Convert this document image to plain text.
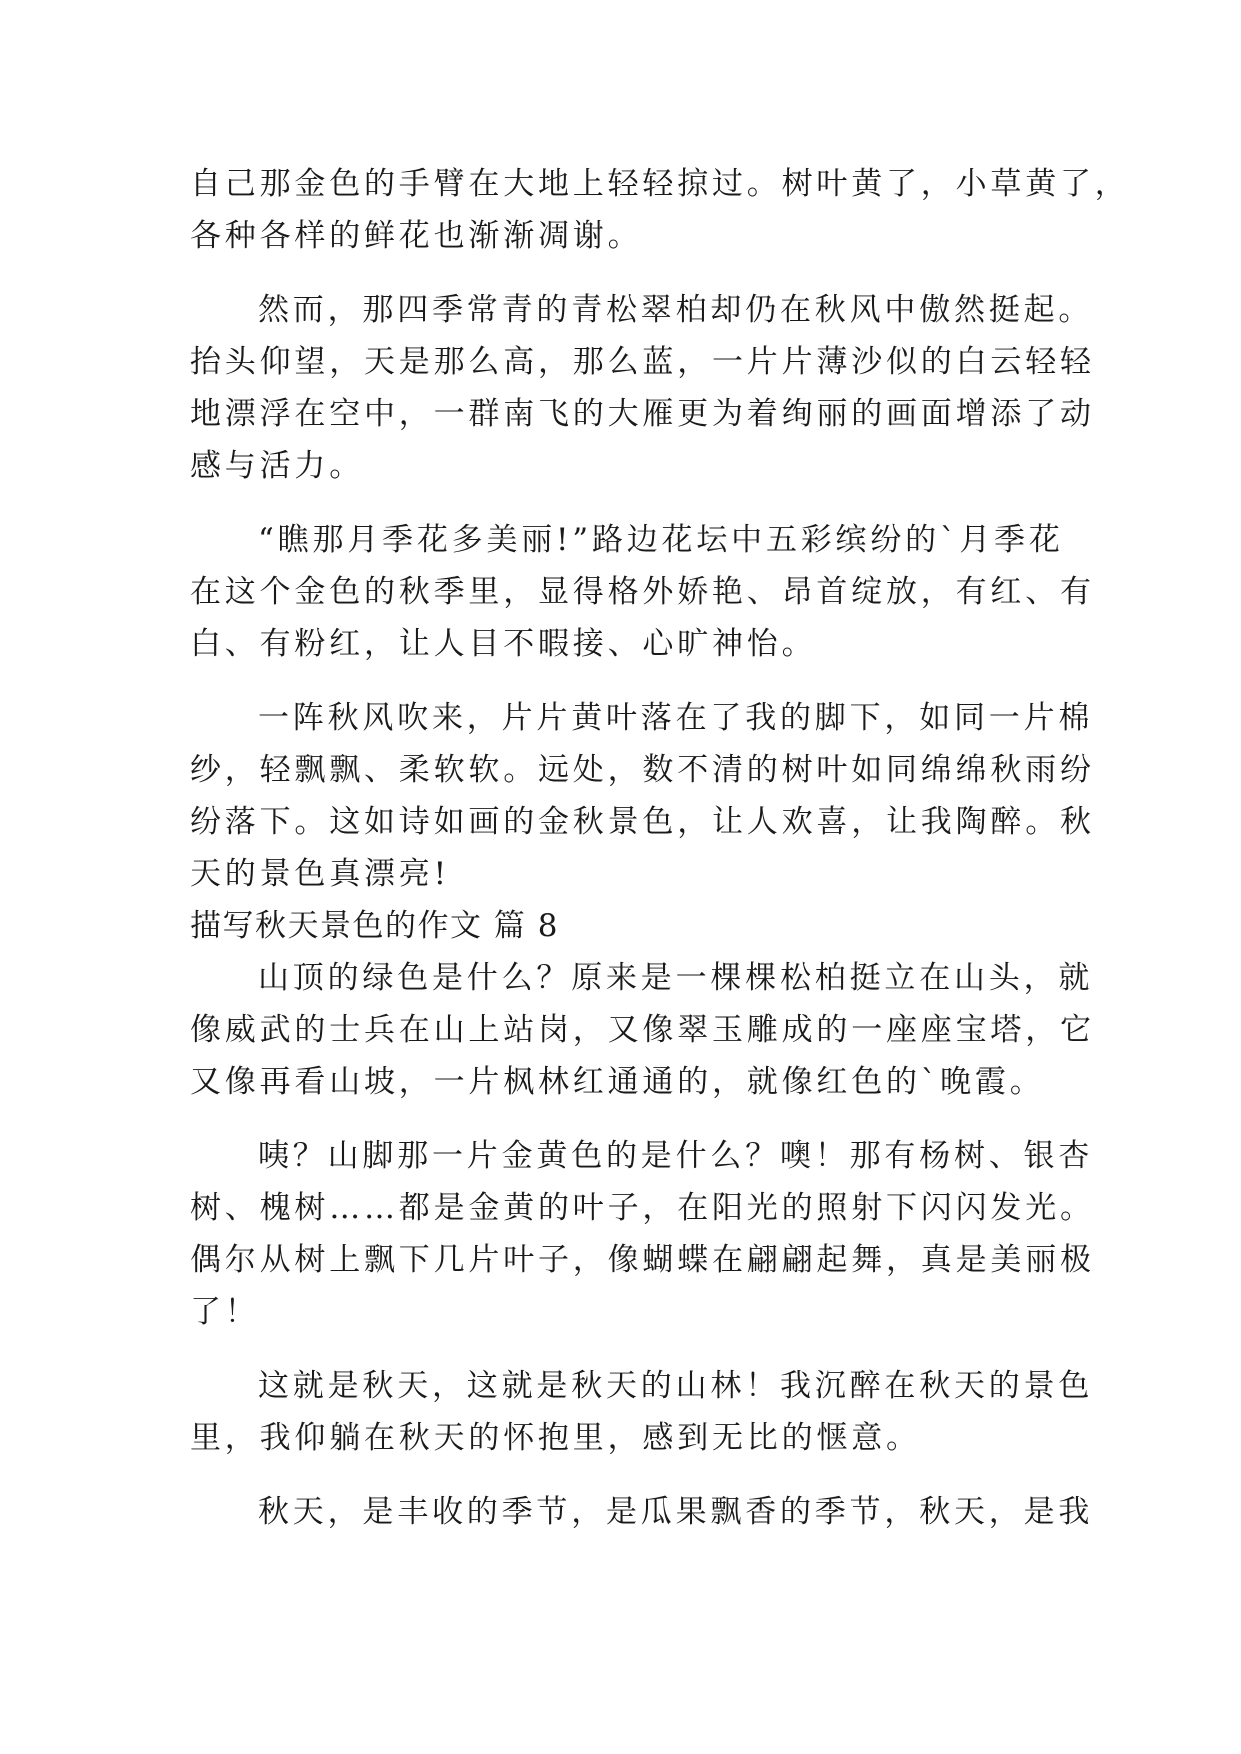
自己那金色的手臂在大地上轻轻掠过。树叶黄了，小草黄了，
各种各样的鲜花也渐渐凋谢。
然而，那四季常青的青松翠柏却仍在秋风中傲然挺起。
抬头仰望，天是那么高，那么蓝，一片片薄沙似的白云轻轻
地漂浮在空中，一群南飞的大雁更为着绚丽的画面增添了动
感与活力。
“瞧那月季花多美丽!”路边花坛中五彩缤纷的`月季花
在这个金色的秋季里，显得格外娇艳、昂首绽放，有红、有
白、有粉红，让人目不暇接、心旷神怡。
一阵秋风吹来，片片黄叶落在了我的脚下，如同一片棉
纱，轻飘飘、柔软软。远处，数不清的树叶如同绵绵秋雨纷
纷落下。这如诗如画的金秋景色，让人欢喜，让我陶醉。秋
天的景色真漂亮!
描写秋天景色的作文 篇 8
山顶的绿色是什么？原来是一棵棵松柏挺立在山头，就
像威武的士兵在山上站岗，又像翠玉雕成的一座座宝塔，它
又像再看山坡，一片枫林红通通的，就像红色的`晚霞。
咦？山脚那一片金黄色的是什么？噢！那有杨树、银杏
树、槐树……都是金黄的叶子，在阳光的照射下闪闪发光。
偶尔从树上飘下几片叶子，像蝴蝶在翩翩起舞，真是美丽极
了！
这就是秋天，这就是秋天的山林！我沉醉在秋天的景色
里，我仰躺在秋天的怀抱里，感到无比的惬意。
秋天，是丰收的季节，是瓜果飘香的季节，秋天，是我
